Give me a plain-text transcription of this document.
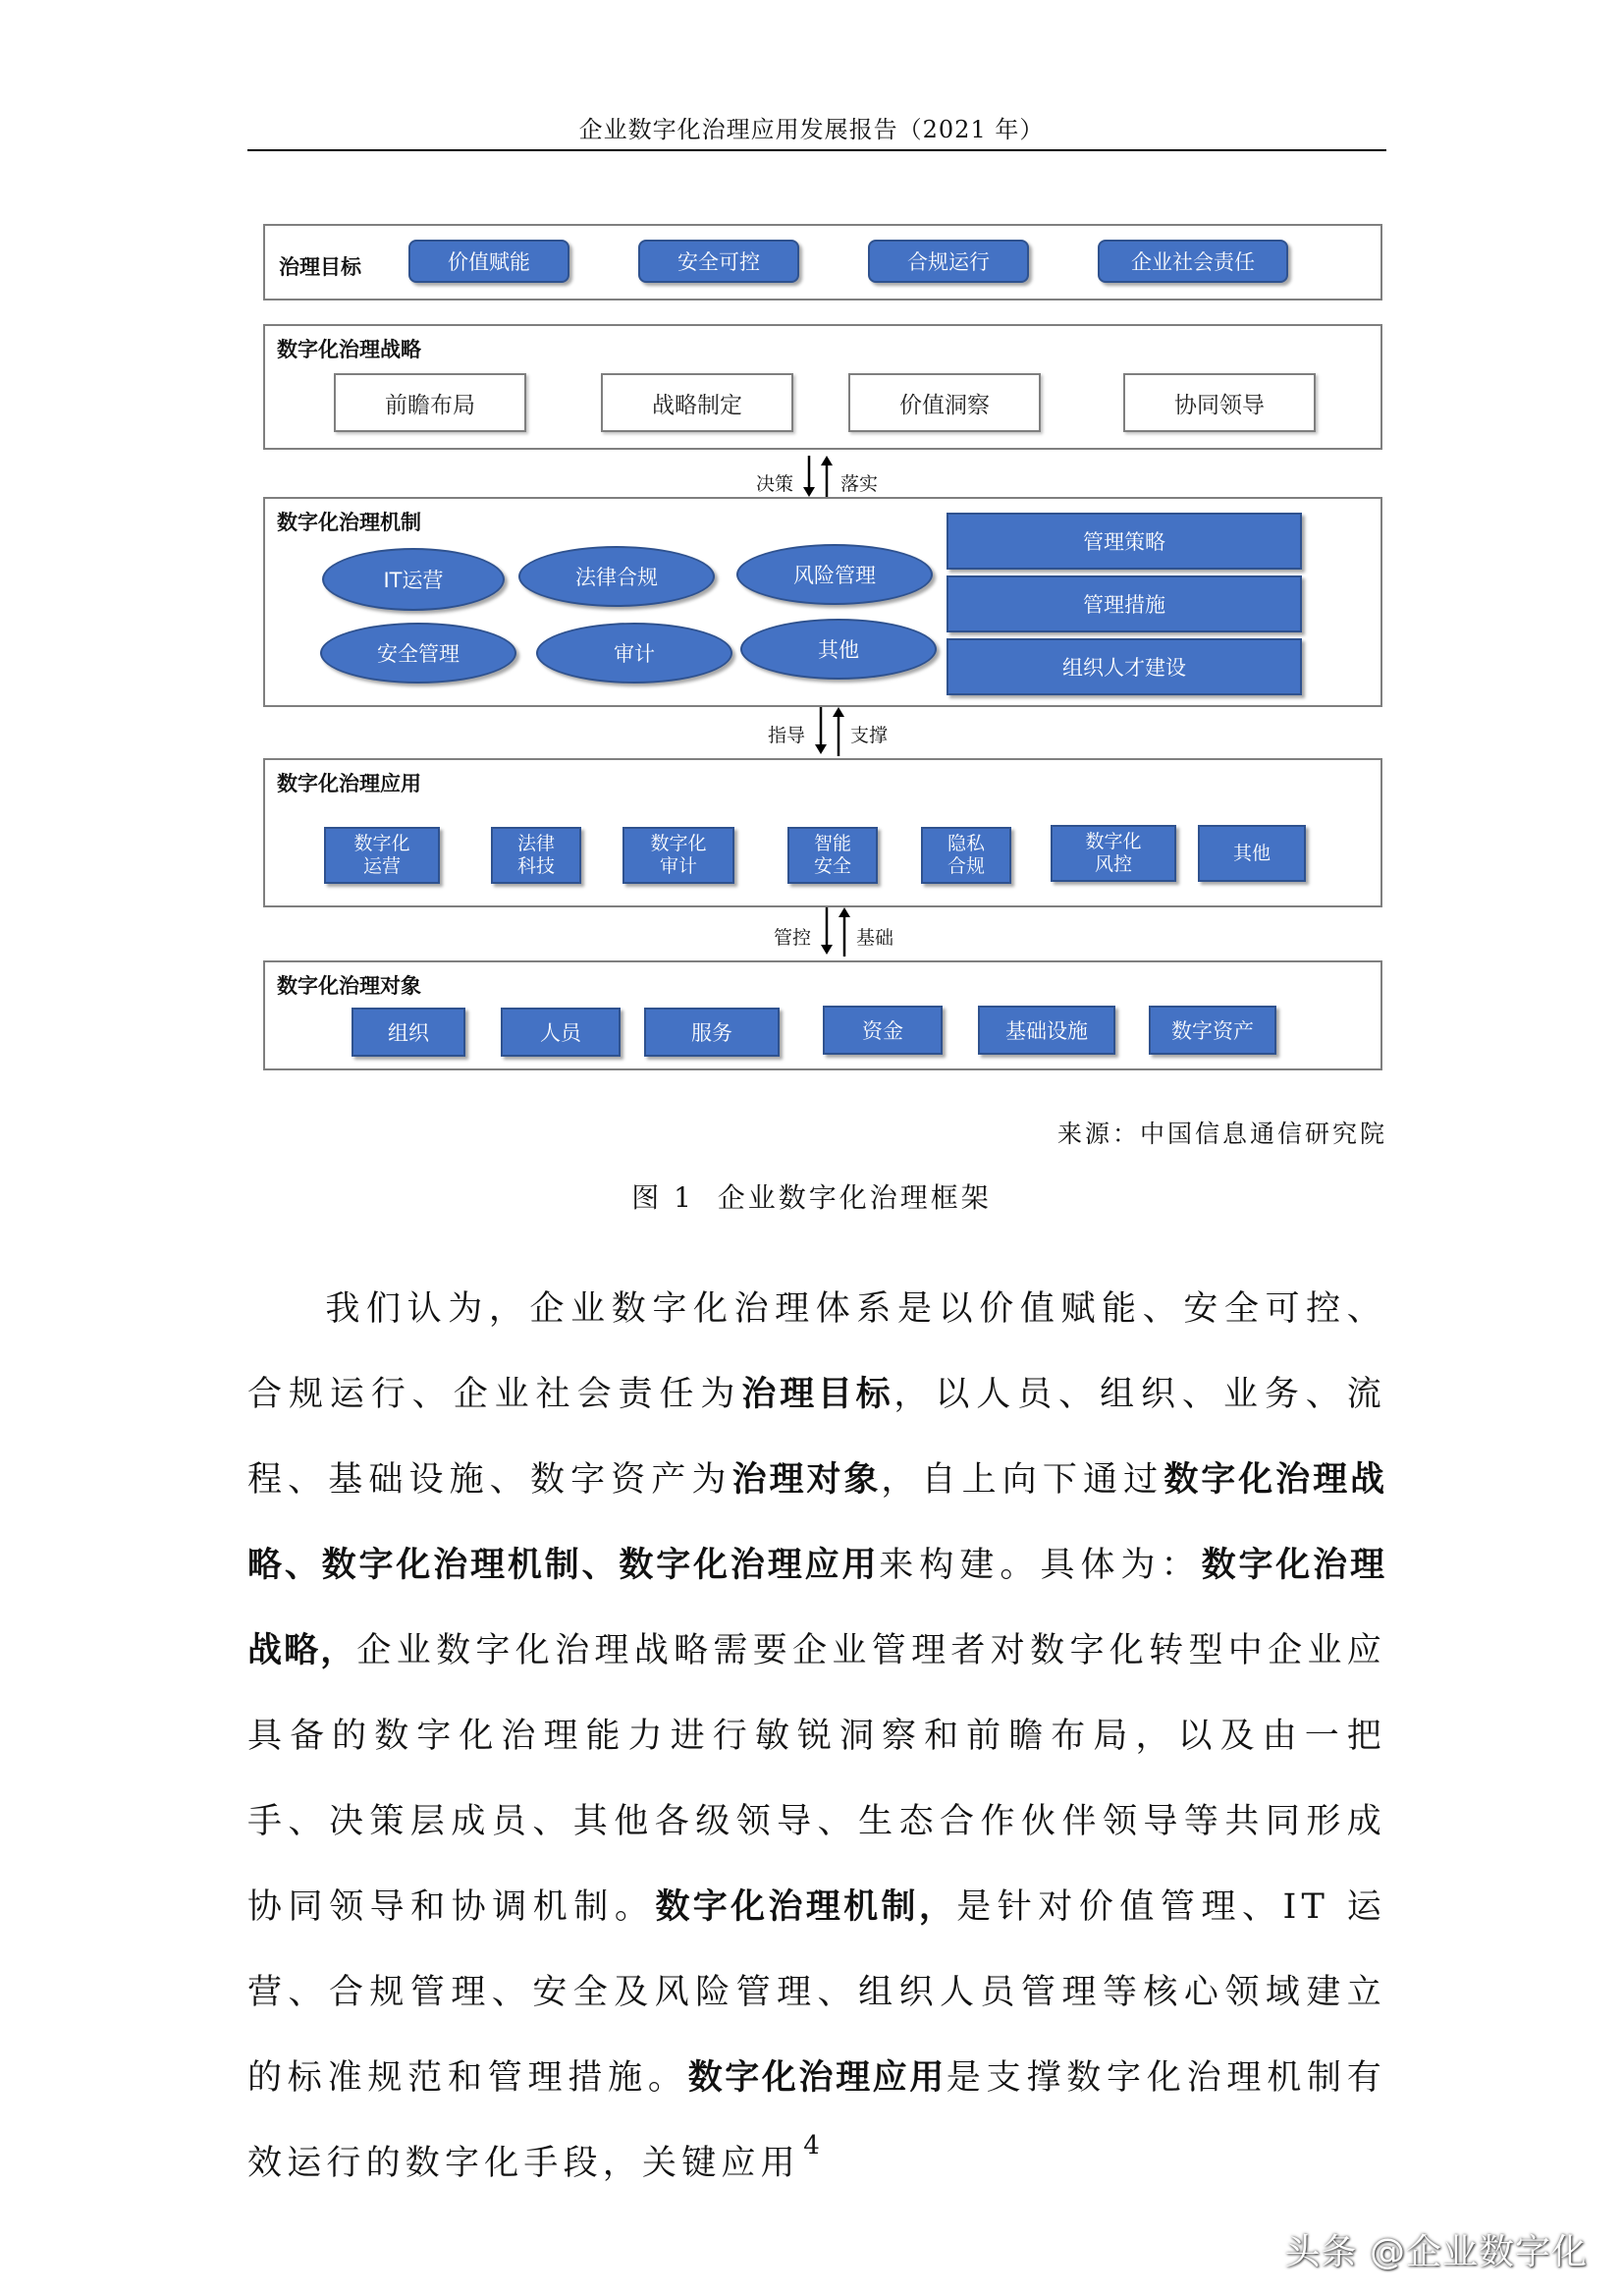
企业数字化治理应用发展报告（2021 年）
治理目标	价值赋能	安全可控	合规运行	企业社会责任
数字化治理战略
前瞻布局	战略制定	价值洞察	协同领导
决策	落实
数字化治理机制
IT运营	法律合规	风险管理
安全管理	审计	其他
管理策略
管理措施
组织人才建设
指导 支撑
数字化治理应用
数字化
运营
法律
科技
数字化
审计
智能
安全
隐私
合规
数字化
风控
其他
管控 基础
数字化治理对象
组织	人员	服务	资金	基础设施	数字资产
来源：中国信息通信研究院
图 1  企业数字化治理框架
我们认为，企业数字化治理体系是以价值赋能、安全可控、合规运行、企业社会责任为治理目标，以人员、组织、业务、流程、基础设施、数字资产为治理对象，自上向下通过数字化治理战略、数字化治理机制、数字化治理应用来构建。具体为：数字化治理战略，企业数字化治理战略需要企业管理者对数字化转型中企业应具备的数字化治理能力进行敏锐洞察和前瞻布局，以及由一把手、决策层成员、其他各级领导、生态合作伙伴领导等共同形成协同领导和协调机制。数字化治理机制，是针对价值管理、IT 运营、合规管理、安全及风险管理、组织人员管理等核心领域建立的标准规范和管理措施。数字化治理应用是支撑数字化治理机制有效运行的数字化手段，关键应用 4
头条 @企业数字化
